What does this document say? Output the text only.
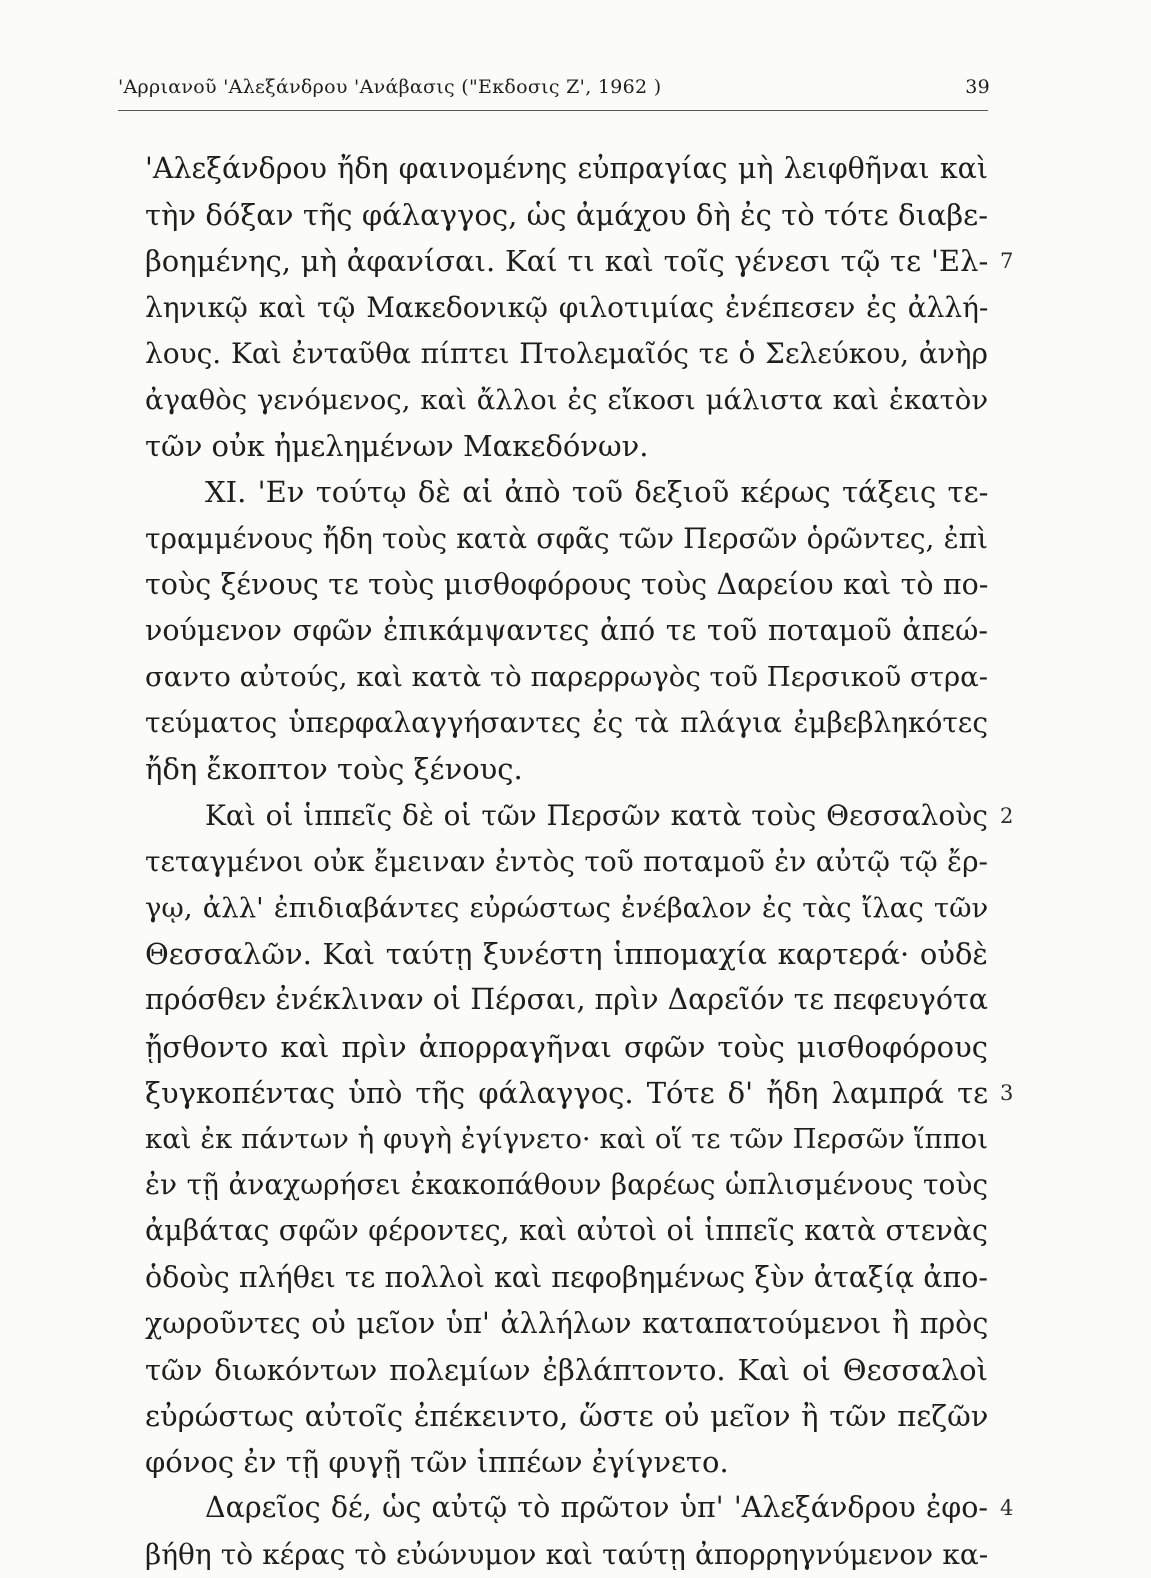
'Αρριανοῦ 'Αλεξάνδρου 'Ανάβασις ("Εκδοσις Ζ', 1962 )	39
'Αλεξάνδρου ἤδη φαινομένης εὐπραγίας μὴ λειφθῆναι καὶ
τὴν δόξαν τῆς φάλαγγος, ὡς ἀμάχου δὴ ἐς τὸ τότε διαβε-
βοημένης, μὴ ἀφανίσαι. Καί τι καὶ τοῖς γένεσι τῷ τε 'Ελ- 7
ληνικῷ καὶ τῷ Μακεδονικῷ φιλοτιμίας ἐνέπεσεν ἐς ἀλλή-
λους. Καὶ ἐνταῦθα πίπτει Πτολεμαῖός τε ὁ Σελεύκου, ἀνὴρ
ἀγαθὸς γενόμενος, καὶ ἄλλοι ἐς εἴκοσι μάλιστα καὶ ἑκατὸν
τῶν οὐκ ἠμελημένων Μακεδόνων.
XI. 'Εν τούτῳ δὲ αἱ ἀπὸ τοῦ δεξιοῦ κέρως τάξεις τε-
τραμμένους ἤδη τοὺς κατὰ σφᾶς τῶν Περσῶν ὁρῶντες, ἐπὶ
τοὺς ξένους τε τοὺς μισθοφόρους τοὺς Δαρείου καὶ τὸ πο-
νούμενον σφῶν ἐπικάμψαντες ἀπό τε τοῦ ποταμοῦ ἀπεώ-
σαντο αὐτούς, καὶ κατὰ τὸ παρερρωγὸς τοῦ Περσικοῦ στρα-
τεύματος ὑπερφαλαγγήσαντες ἐς τὰ πλάγια ἐμβεβληκότες
ἤδη ἔκοπτον τοὺς ξένους.
Καὶ οἱ ἱππεῖς δὲ οἱ τῶν Περσῶν κατὰ τοὺς Θεσσαλοὺς 2
τεταγμένοι οὐκ ἔμειναν ἐντὸς τοῦ ποταμοῦ ἐν αὐτῷ τῷ ἔρ-
γῳ, ἀλλ' ἐπιδιαβάντες εὐρώστως ἐνέβαλον ἐς τὰς ἴλας τῶν
Θεσσαλῶν. Καὶ ταύτῃ ξυνέστη ἱππομαχία καρτερά· οὐδὲ
πρόσθεν ἐνέκλιναν οἱ Πέρσαι, πρὶν Δαρεῖόν τε πεφευγότα
ᾔσθοντο καὶ πρὶν ἀπορραγῆναι σφῶν τοὺς μισθοφόρους
ξυγκοπέντας ὑπὸ τῆς φάλαγγος. Τότε δ' ἤδη λαμπρά τε 3
καὶ ἐκ πάντων ἡ φυγὴ ἐγίγνετο· καὶ οἵ τε τῶν Περσῶν ἵπποι
ἐν τῇ ἀναχωρήσει ἐκακοπάθουν βαρέως ὡπλισμένους τοὺς
ἀμβάτας σφῶν φέροντες, καὶ αὐτοὶ οἱ ἱππεῖς κατὰ στενὰς
ὁδοὺς πλήθει τε πολλοὶ καὶ πεφοβημένως ξὺν ἀταξίᾳ ἀπο-
χωροῦντες οὐ μεῖον ὑπ' ἀλλήλων καταπατούμενοι ἢ πρὸς
τῶν διωκόντων πολεμίων ἐβλάπτοντο. Καὶ οἱ Θεσσαλοὶ
εὐρώστως αὐτοῖς ἐπέκειντο, ὥστε οὐ μεῖον ἢ τῶν πεζῶν
φόνος ἐν τῇ φυγῇ τῶν ἱππέων ἐγίγνετο.
Δαρεῖος δέ, ὡς αὐτῷ τὸ πρῶτον ὑπ' 'Αλεξάνδρου ἐφο- 4
βήθη τὸ κέρας τὸ εὐώνυμον καὶ ταύτῃ ἀπορρηγνύμενον κα-
